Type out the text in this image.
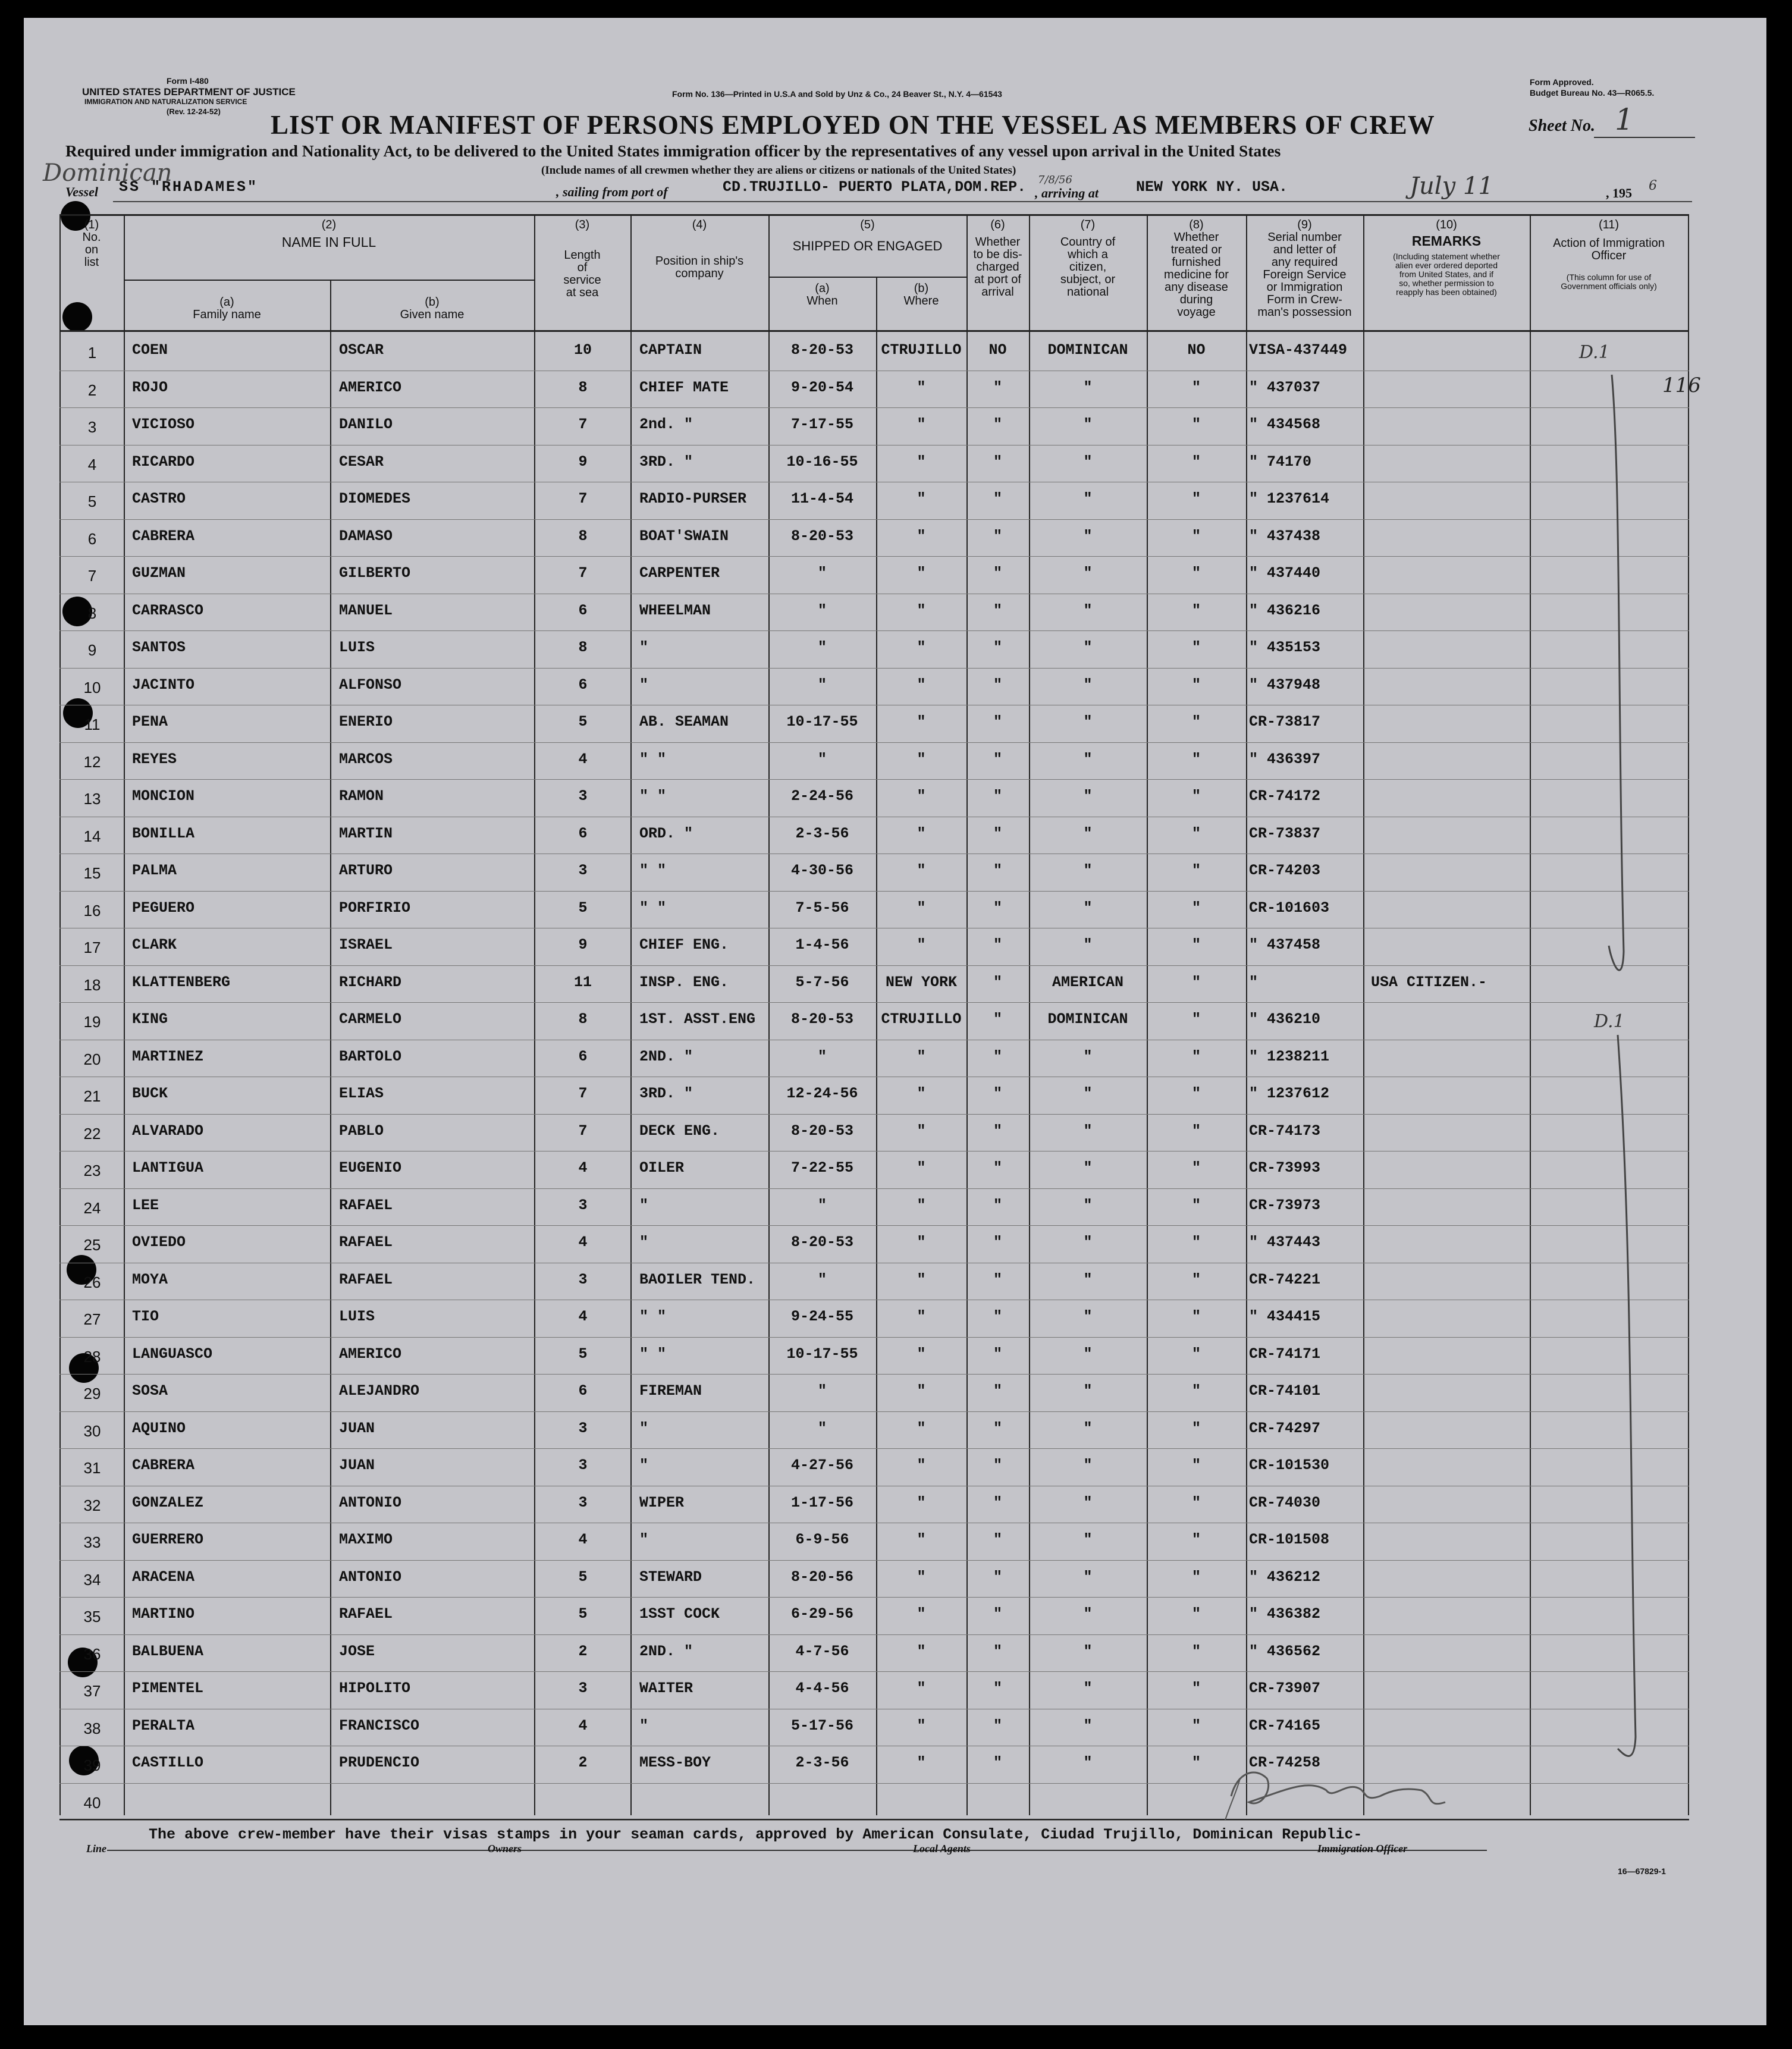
Form I-480
UNITED STATES DEPARTMENT OF JUSTICE
IMMIGRATION AND NATURALIZATION SERVICE
(Rev. 12-24-52)
Form No. 136—Printed in U.S.A and Sold by Unz & Co., 24 Beaver St., N.Y. 4—61543
Form Approved.
Budget Bureau No. 43—R065.5.
LIST OR MANIFEST OF PERSONS EMPLOYED ON THE VESSEL AS MEMBERS OF CREW	Sheet No. 1
Required under immigration and Nationality Act, to be delivered to the United States immigration officer by the representatives of any vessel upon arrival in the United States
(Include names of all crewmen whether they are aliens or citizens or nationals of the United States)
Dominican
Vessel SS "RHADAMES"	, sailing from port of	CD.TRUJILLO- PUERTO PLATA,DOM.REP. 7/8/56
, arriving at	NEW YORK NY. USA.	July 11	, 195 6
(1)
No.
on
list
(2)
NAME IN FULL
(a)
Family name
(b)
Given name
(3)
Length
of
service
at sea
(4)
Position in ship's
company
(5)
SHIPPED OR ENGAGED
(a)
When
(b)
Where
(6)
Whether
to be dis-
charged
at port of
arrival
(7)
Country of
which a
citizen,
subject, or
national
(8)
Whether
treated or
furnished
medicine for
any disease
during
voyage
(9)
Serial number
and letter of
any required
Foreign Service
or Immigration
Form in Crew-
man's possession
(10)
REMARKS
(Including statement whether
alien ever ordered deported
from United States, and if
so, whether permission to
reapply has been obtained)
(11)
Action of Immigration
Officer
(This column for use of
Government officials only)
1	COEN	OSCAR	10	CAPTAIN	8-20-53	CTRUJILLO	NO	DOMINICAN	NO	VISA-437449
2	ROJO	AMERICO	8	CHIEF MATE	9-20-54	"	"	"	"	" 437037
3	VICIOSO	DANILO	7	2nd. "	7-17-55	"	"	"	"	" 434568
4	RICARDO	CESAR	9	3RD. "	10-16-55	"	"	"	"	" 74170
5	CASTRO	DIOMEDES	7	RADIO-PURSER	11-4-54	"	"	"	"	" 1237614
6	CABRERA	DAMASO	8	BOAT'SWAIN	8-20-53	"	"	"	"	" 437438
7	GUZMAN	GILBERTO	7	CARPENTER	"	"	"	"	"	" 437440
8	CARRASCO	MANUEL	6	WHEELMAN	"	"	"	"	"	" 436216
9	SANTOS	LUIS	8	"	"	"	"	"	"	" 435153
10	JACINTO	ALFONSO	6	"	"	"	"	"	"	" 437948
11	PENA	ENERIO	5	AB. SEAMAN	10-17-55	"	"	"	"	CR-73817
12	REYES	MARCOS	4	" "	"	"	"	"	"	" 436397
13	MONCION	RAMON	3	" "	2-24-56	"	"	"	"	CR-74172
14	BONILLA	MARTIN	6	ORD. "	2-3-56	"	"	"	"	CR-73837
15	PALMA	ARTURO	3	" "	4-30-56	"	"	"	"	CR-74203
16	PEGUERO	PORFIRIO	5	" "	7-5-56	"	"	"	"	CR-101603
17	CLARK	ISRAEL	9	CHIEF ENG.	1-4-56	"	"	"	"	" 437458
18	KLATTENBERG	RICHARD	11	INSP. ENG.	5-7-56	NEW YORK	"	AMERICAN	"	"	USA CITIZEN.-
19	KING	CARMELO	8	1ST. ASST.ENG	8-20-53	CTRUJILLO	"	DOMINICAN	"	" 436210
20	MARTINEZ	BARTOLO	6	2ND. "	"	"	"	"	"	" 1238211
21	BUCK	ELIAS	7	3RD. "	12-24-56	"	"	"	"	" 1237612
22	ALVARADO	PABLO	7	DECK ENG.	8-20-53	"	"	"	"	CR-74173
23	LANTIGUA	EUGENIO	4	OILER	7-22-55	"	"	"	"	CR-73993
24	LEE	RAFAEL	3	"	"	"	"	"	"	CR-73973
25	OVIEDO	RAFAEL	4	"	8-20-53	"	"	"	"	" 437443
26	MOYA	RAFAEL	3	BAOILER TEND.	"	"	"	"	"	CR-74221
27	TIO	LUIS	4	" "	9-24-55	"	"	"	"	" 434415
28	LANGUASCO	AMERICO	5	" "	10-17-55	"	"	"	"	CR-74171
29	SOSA	ALEJANDRO	6	FIREMAN	"	"	"	"	"	CR-74101
30	AQUINO	JUAN	3	"	"	"	"	"	"	CR-74297
31	CABRERA	JUAN	3	"	4-27-56	"	"	"	"	CR-101530
32	GONZALEZ	ANTONIO	3	WIPER	1-17-56	"	"	"	"	CR-74030
33	GUERRERO	MAXIMO	4	"	6-9-56	"	"	"	"	CR-101508
34	ARACENA	ANTONIO	5	STEWARD	8-20-56	"	"	"	"	" 436212
35	MARTINO	RAFAEL	5	1SST COCK	6-29-56	"	"	"	"	" 436382
36	BALBUENA	JOSE	2	2ND. "	4-7-56	"	"	"	"	" 436562
37	PIMENTEL	HIPOLITO	3	WAITER	4-4-56	"	"	"	"	CR-73907
38	PERALTA	FRANCISCO	4	"	5-17-56	"	"	"	"	CR-74165
39	CASTILLO	PRUDENCIO	2	MESS-BOY	2-3-56	"	"	"	"	CR-74258
40
116
D.1
D.1
The above crew-member have their visas stamps in your seaman cards, approved by American Consulate, Ciudad Trujillo, Dominican Republic-
Line	Owners	Local Agents	Immigration Officer
16—67829-1
